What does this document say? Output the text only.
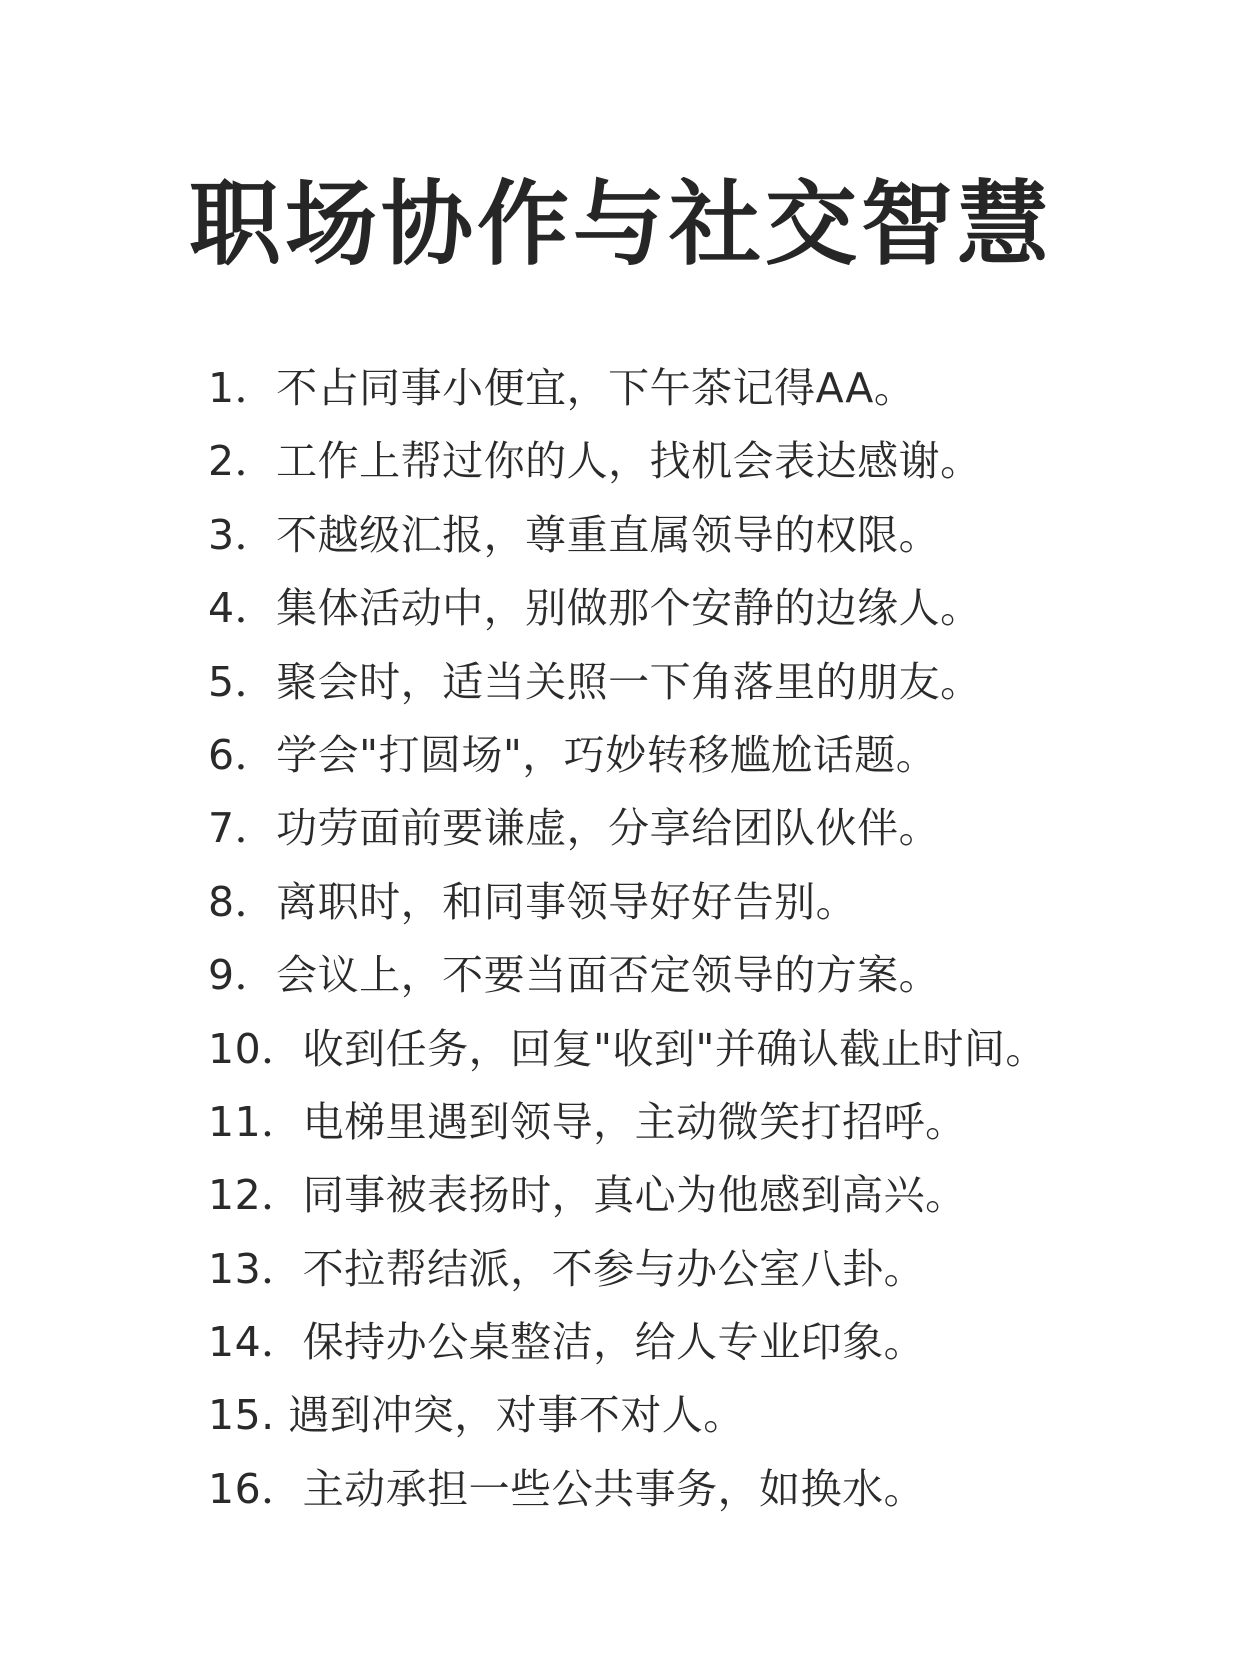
职场协作与社交智慧
1．不占同事小便宜，下午茶记得AA。
2．工作上帮过你的人，找机会表达感谢。
3．不越级汇报，尊重直属领导的权限。
4．集体活动中，别做那个安静的边缘人。
5．聚会时，适当关照一下角落里的朋友。
6．学会"打圆场"，巧妙转移尴尬话题。
7．功劳面前要谦虚，分享给团队伙伴。
8．离职时，和同事领导好好告别。
9．会议上，不要当面否定领导的方案。
10．收到任务，回复"收到"并确认截止时间。
11．电梯里遇到领导，主动微笑打招呼。
12．同事被表扬时，真心为他感到高兴。
13．不拉帮结派，不参与办公室八卦。
14．保持办公桌整洁，给人专业印象。
15. 遇到冲突，对事不对人。
16．主动承担一些公共事务，如换水。
